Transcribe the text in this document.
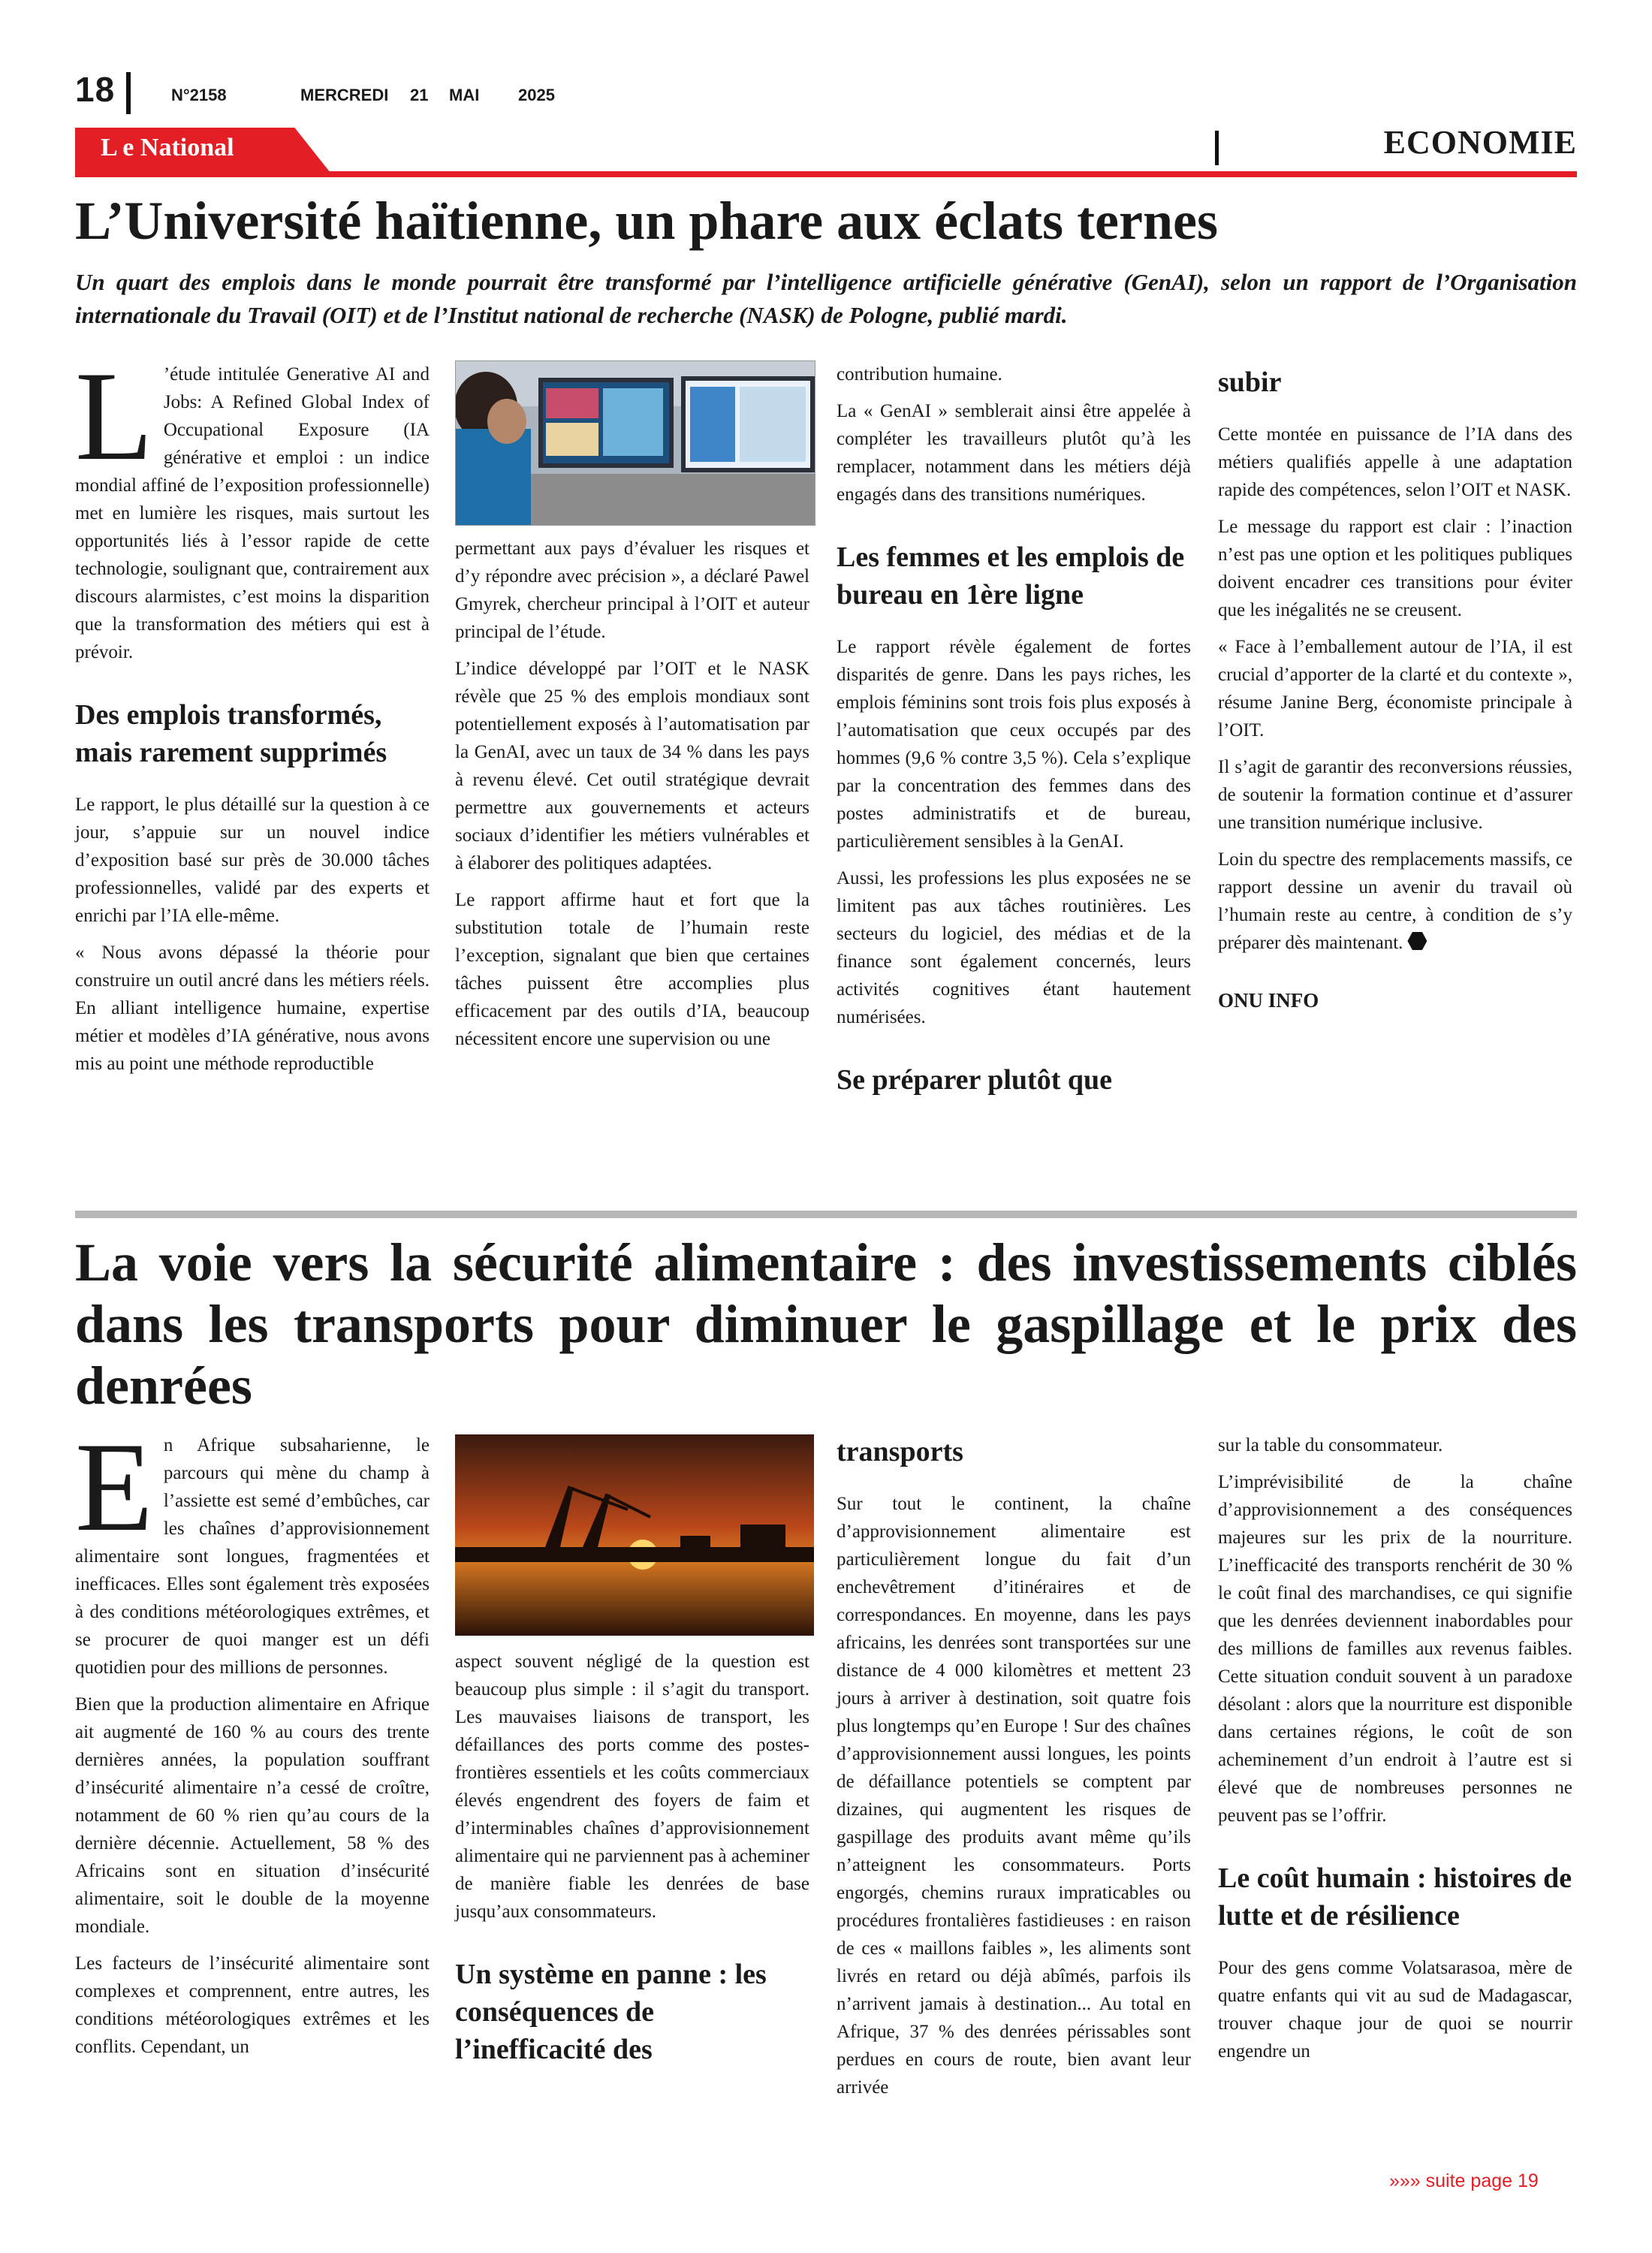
18	N°2158	MERCREDI 21 MAI 2025
L e National	ECONOMIE
L’Université haïtienne, un phare aux éclats ternes
Un quart des emplois dans le monde pourrait être transformé par l’intelligence artificielle générative (GenAI), selon un rapport de l’Organisation internationale du Travail (OIT) et de l’Institut national de recherche (NASK) de Pologne, publié mardi.

L ’étude intitulée Generative AI and Jobs: A Refined Global Index of Occupational Exposure (IA générative et emploi : un indice mondial affiné de l’exposition professionnelle) met en lumière les risques, mais surtout les opportunités liés à l’essor rapide de cette technologie, soulignant que, contrairement aux discours alarmistes, c’est moins la disparition que la transformation des métiers qui est à prévoir.

Des emplois transformés, mais rarement supprimés

Le rapport, le plus détaillé sur la question à ce jour, s’appuie sur un nouvel indice d’exposition basé sur près de 30.000 tâches professionnelles, validé par des experts et enrichi par l’IA elle-même.

« Nous avons dépassé la théorie pour construire un outil ancré dans les métiers réels. En alliant intelligence humaine, expertise métier et modèles d’IA générative, nous avons mis au point une méthode reproductible

permettant aux pays d’évaluer les risques et d’y répondre avec précision », a déclaré Pawel Gmyrek, chercheur principal à l’OIT et auteur principal de l’étude.

L’indice développé par l’OIT et le NASK révèle que 25 % des emplois mondiaux sont potentiellement exposés à l’automatisation par la GenAI, avec un taux de 34 % dans les pays à revenu élevé. Cet outil stratégique devrait permettre aux gouvernements et acteurs sociaux d’identifier les métiers vulnérables et à élaborer des politiques adaptées.

Le rapport affirme haut et fort que la substitution totale de l’humain reste l’exception, signalant que bien que certaines tâches puissent être accomplies plus efficacement par des outils d’IA, beaucoup nécessitent encore une supervision ou une

contribution humaine.

La « GenAI » semblerait ainsi être appelée à compléter les travailleurs plutôt qu’à les remplacer, notamment dans les métiers déjà engagés dans des transitions numériques.

Les femmes et les emplois de bureau en 1ère ligne

Le rapport révèle également de fortes disparités de genre. Dans les pays riches, les emplois féminins sont trois fois plus exposés à l’automatisation que ceux occupés par des hommes (9,6 % contre 3,5 %). Cela s’explique par la concentration des femmes dans des postes administratifs et de bureau, particulièrement sensibles à la GenAI.

Aussi, les professions les plus exposées ne se limitent pas aux tâches routinières. Les secteurs du logiciel, des médias et de la finance sont également concernés, leurs activités cognitives étant hautement numérisées.

Se préparer plutôt que
subir

Cette montée en puissance de l’IA dans des métiers qualifiés appelle à une adaptation rapide des compétences, selon l’OIT et NASK.

Le message du rapport est clair : l’inaction n’est pas une option et les politiques publiques doivent encadrer ces transitions pour éviter que les inégalités ne se creusent.

« Face à l’emballement autour de l’IA, il est crucial d’apporter de la clarté et du contexte », résume Janine Berg, économiste principale à l’OIT.

Il s’agit de garantir des reconversions réussies, de soutenir la formation continue et d’assurer une transition numérique inclusive.

Loin du spectre des remplacements massifs, ce rapport dessine un avenir du travail où l’humain reste au centre, à condition de s’y préparer dès maintenant.

ONU INFO
La voie vers la sécurité alimentaire : des investissements ciblés dans les transports pour diminuer le gaspillage et le prix des denrées

En Afrique subsaharienne, le parcours qui mène du champ à l’assiette est semé d’embûches, car les chaînes d’approvisionnement alimentaire sont longues, fragmentées et inefficaces. Elles sont également très exposées à des conditions météorologiques extrêmes, et se procurer de quoi manger est un défi quotidien pour des millions de personnes.

Bien que la production alimentaire en Afrique ait augmenté de 160 % au cours des trente dernières années, la population souffrant d’insécurité alimentaire n’a cessé de croître, notamment de 60 % rien qu’au cours de la dernière décennie. Actuellement, 58 % des Africains sont en situation d’insécurité alimentaire, soit le double de la moyenne mondiale.

Les facteurs de l’insécurité alimentaire sont complexes et comprennent, entre autres, les conditions météorologiques extrêmes et les conflits. Cependant, un

aspect souvent négligé de la question est beaucoup plus simple : il s’agit du transport. Les mauvaises liaisons de transport, les défaillances des ports comme des postes-frontières essentiels et les coûts commerciaux élevés engendrent des foyers de faim et d’interminables chaînes d’approvisionnement alimentaire qui ne parviennent pas à acheminer de manière fiable les denrées de base jusqu’aux consommateurs.

Un système en panne : les conséquences de l’inefficacité des
transports

Sur tout le continent, la chaîne d’approvisionnement alimentaire est particulièrement longue du fait d’un enchevêtrement d’itinéraires et de correspondances. En moyenne, dans les pays africains, les denrées sont transportées sur une distance de 4 000 kilomètres et mettent 23 jours à arriver à destination, soit quatre fois plus longtemps qu’en Europe ! Sur des chaînes d’approvisionnement aussi longues, les points de défaillance potentiels se comptent par dizaines, qui augmentent les risques de gaspillage des produits avant même qu’ils n’atteignent les consommateurs. Ports engorgés, chemins ruraux impraticables ou procédures frontalières fastidieuses : en raison de ces « maillons faibles », les aliments sont livrés en retard ou déjà abîmés, parfois ils n’arrivent jamais à destination... Au total en Afrique, 37 % des denrées périssables sont perdues en cours de route, bien avant leur arrivée

sur la table du consommateur.

L’imprévisibilité de la chaîne d’approvisionnement a des conséquences majeures sur les prix de la nourriture. L’inefficacité des transports renchérit de 30 % le coût final des marchandises, ce qui signifie que les denrées deviennent inabordables pour des millions de familles aux revenus faibles. Cette situation conduit souvent à un paradoxe désolant : alors que la nourriture est disponible dans certaines régions, le coût de son acheminement d’un endroit à l’autre est si élevé que de nombreuses personnes ne peuvent pas se l’offrir.

Le coût humain : histoires de lutte et de résilience

Pour des gens comme Volatsarasoa, mère de quatre enfants qui vit au sud de Madagascar, trouver chaque jour de quoi se nourrir engendre un

»»» suite page 19
